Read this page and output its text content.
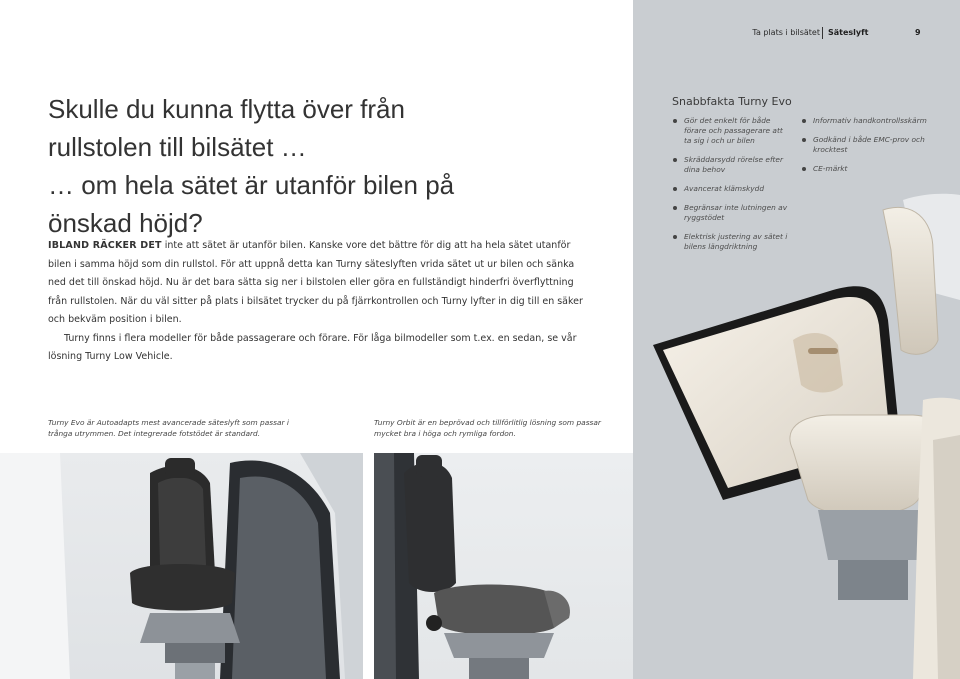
Ta plats i bilsätet Säteslyft	9
Snabbfakta Turny Evo
Gör det enkelt för både förare och passagerare att ta sig i och ur bilen
Skräddarsydd rörelse efter dina behov
Avancerat klämskydd
Begränsar inte lutningen av ryggstödet
Elektrisk justering av sätet i bilens längdriktning
Informativ handkontrollsskärm
Godkänd i både EMC-prov och krocktest
CE-märkt
Skulle du kunna flytta över från
rullstolen till bilsätet …
… om hela sätet är utanför bilen på
önskad höjd?

IBLAND RÄCKER DET inte att sätet är utanför bilen. Kanske vore det bättre för dig att ha hela sätet utanför bilen i samma höjd som din rullstol. För att uppnå detta kan Turny säteslyften vrida sätet ut ur bilen och sänka ned det till önskad höjd. Nu är det bara sätta sig ner i bilstolen eller göra en fullständigt hinderfri överflyttning från rullstolen. När du väl sitter på plats i bilsätet trycker du på fjärrkontrollen och Turny lyfter in dig till en säker och bekväm position i bilen.

Turny finns i flera modeller för både passagerare och förare. För låga bilmodeller som t.ex. en sedan, se vår lösning Turny Low Vehicle.

Turny Evo är Autoadapts mest avancerade säteslyft som passar i trånga utrymmen. Det integrerade fotstödet är standard.
Turny Orbit är en beprövad och tillförlitlig lösning som passar mycket bra i höga och rymliga fordon.
